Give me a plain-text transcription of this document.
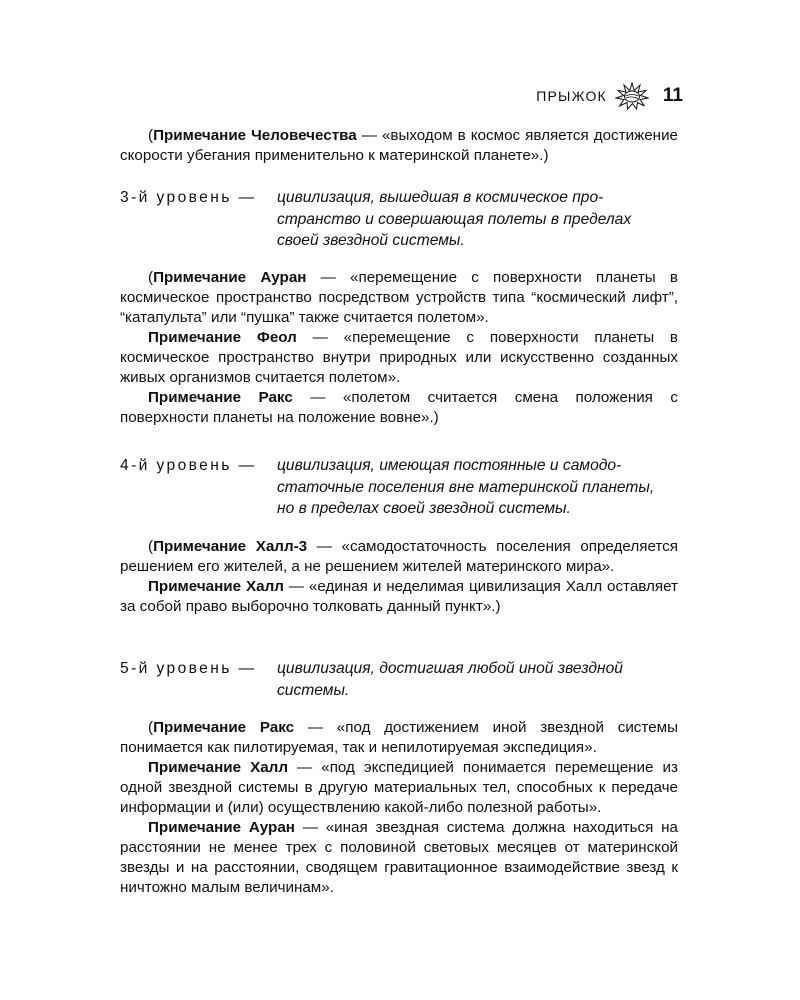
ПРЫЖОК	11

(Примечание Человечества — «выходом в космос является достижение скорости убегания применительно к материнской планете».)

3-й уровень — цивилизация, вышедшая в космическое про-
странство и совершающая полеты в пределах
своей звездной системы.

(Примечание Ауран — «перемещение с поверхности планеты в космическое пространство посредством устройств типа “космический лифт”, “катапульта” или “пушка” также считается полетом».

Примечание Феол — «перемещение с поверхности планеты в космическое пространство внутри природных или искусственно созданных живых организмов считается полетом».

Примечание Ракс — «полетом считается смена положения с поверхности планеты на положение вовне».)

4-й уровень — цивилизация, имеющая постоянные и самодо-
статочные поселения вне материнской планеты,
но в пределах своей звездной системы.

(Примечание Халл-3 — «самодостаточность поселения определяется решением его жителей, а не решением жителей материнского мира».

Примечание Халл — «единая и неделимая цивилизация Халл оставляет за собой право выборочно толковать данный пункт».)

5-й уровень — цивилизация, достигшая любой иной звездной
системы.

(Примечание Ракс — «под достижением иной звездной системы понимается как пилотируемая, так и непилотируемая экспедиция».

Примечание Халл — «под экспедицией понимается перемещение из одной звездной системы в другую материальных тел, способных к передаче информации и (или) осуществлению какой-либо полезной работы».

Примечание Ауран — «иная звездная система должна находиться на расстоянии не менее трех с половиной световых месяцев от материнской звезды и на расстоянии, сводящем гравитационное взаимодействие звезд к ничтожно малым величинам».
